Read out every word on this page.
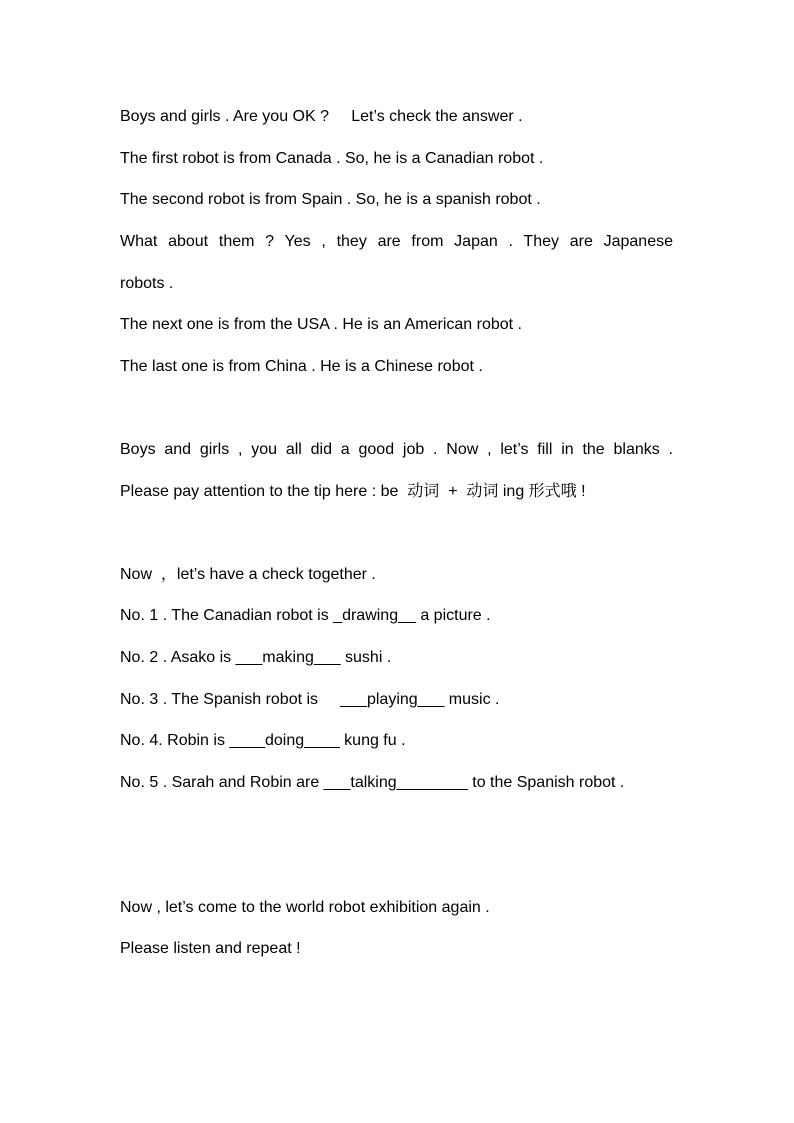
Boys and girls . Are you OK ?     Let’s check the answer .

The first robot is from Canada . So, he is a Canadian robot .

The second robot is from Spain . So, he is a spanish robot .

What about them ? Yes , they are from Japan . They are Japanese

robots .

The next one is from the USA . He is an American robot .

The last one is from China . He is a Chinese robot .

Boys and girls , you all did a good job . Now , let’s fill in the blanks .

Please pay attention to the tip here : be  动词  +  动词 ing 形式哦 !

Now  ，let’s have a check together .

No. 1 . The Canadian robot is _drawing__ a picture .

No. 2 . Asako is ___making___ sushi .

No. 3 . The Spanish robot is     ___playing___ music .

No. 4. Robin is ____doing____ kung fu .

No. 5 . Sarah and Robin are ___talking________ to the Spanish robot .

Now , let’s come to the world robot exhibition again .

Please listen and repeat !
